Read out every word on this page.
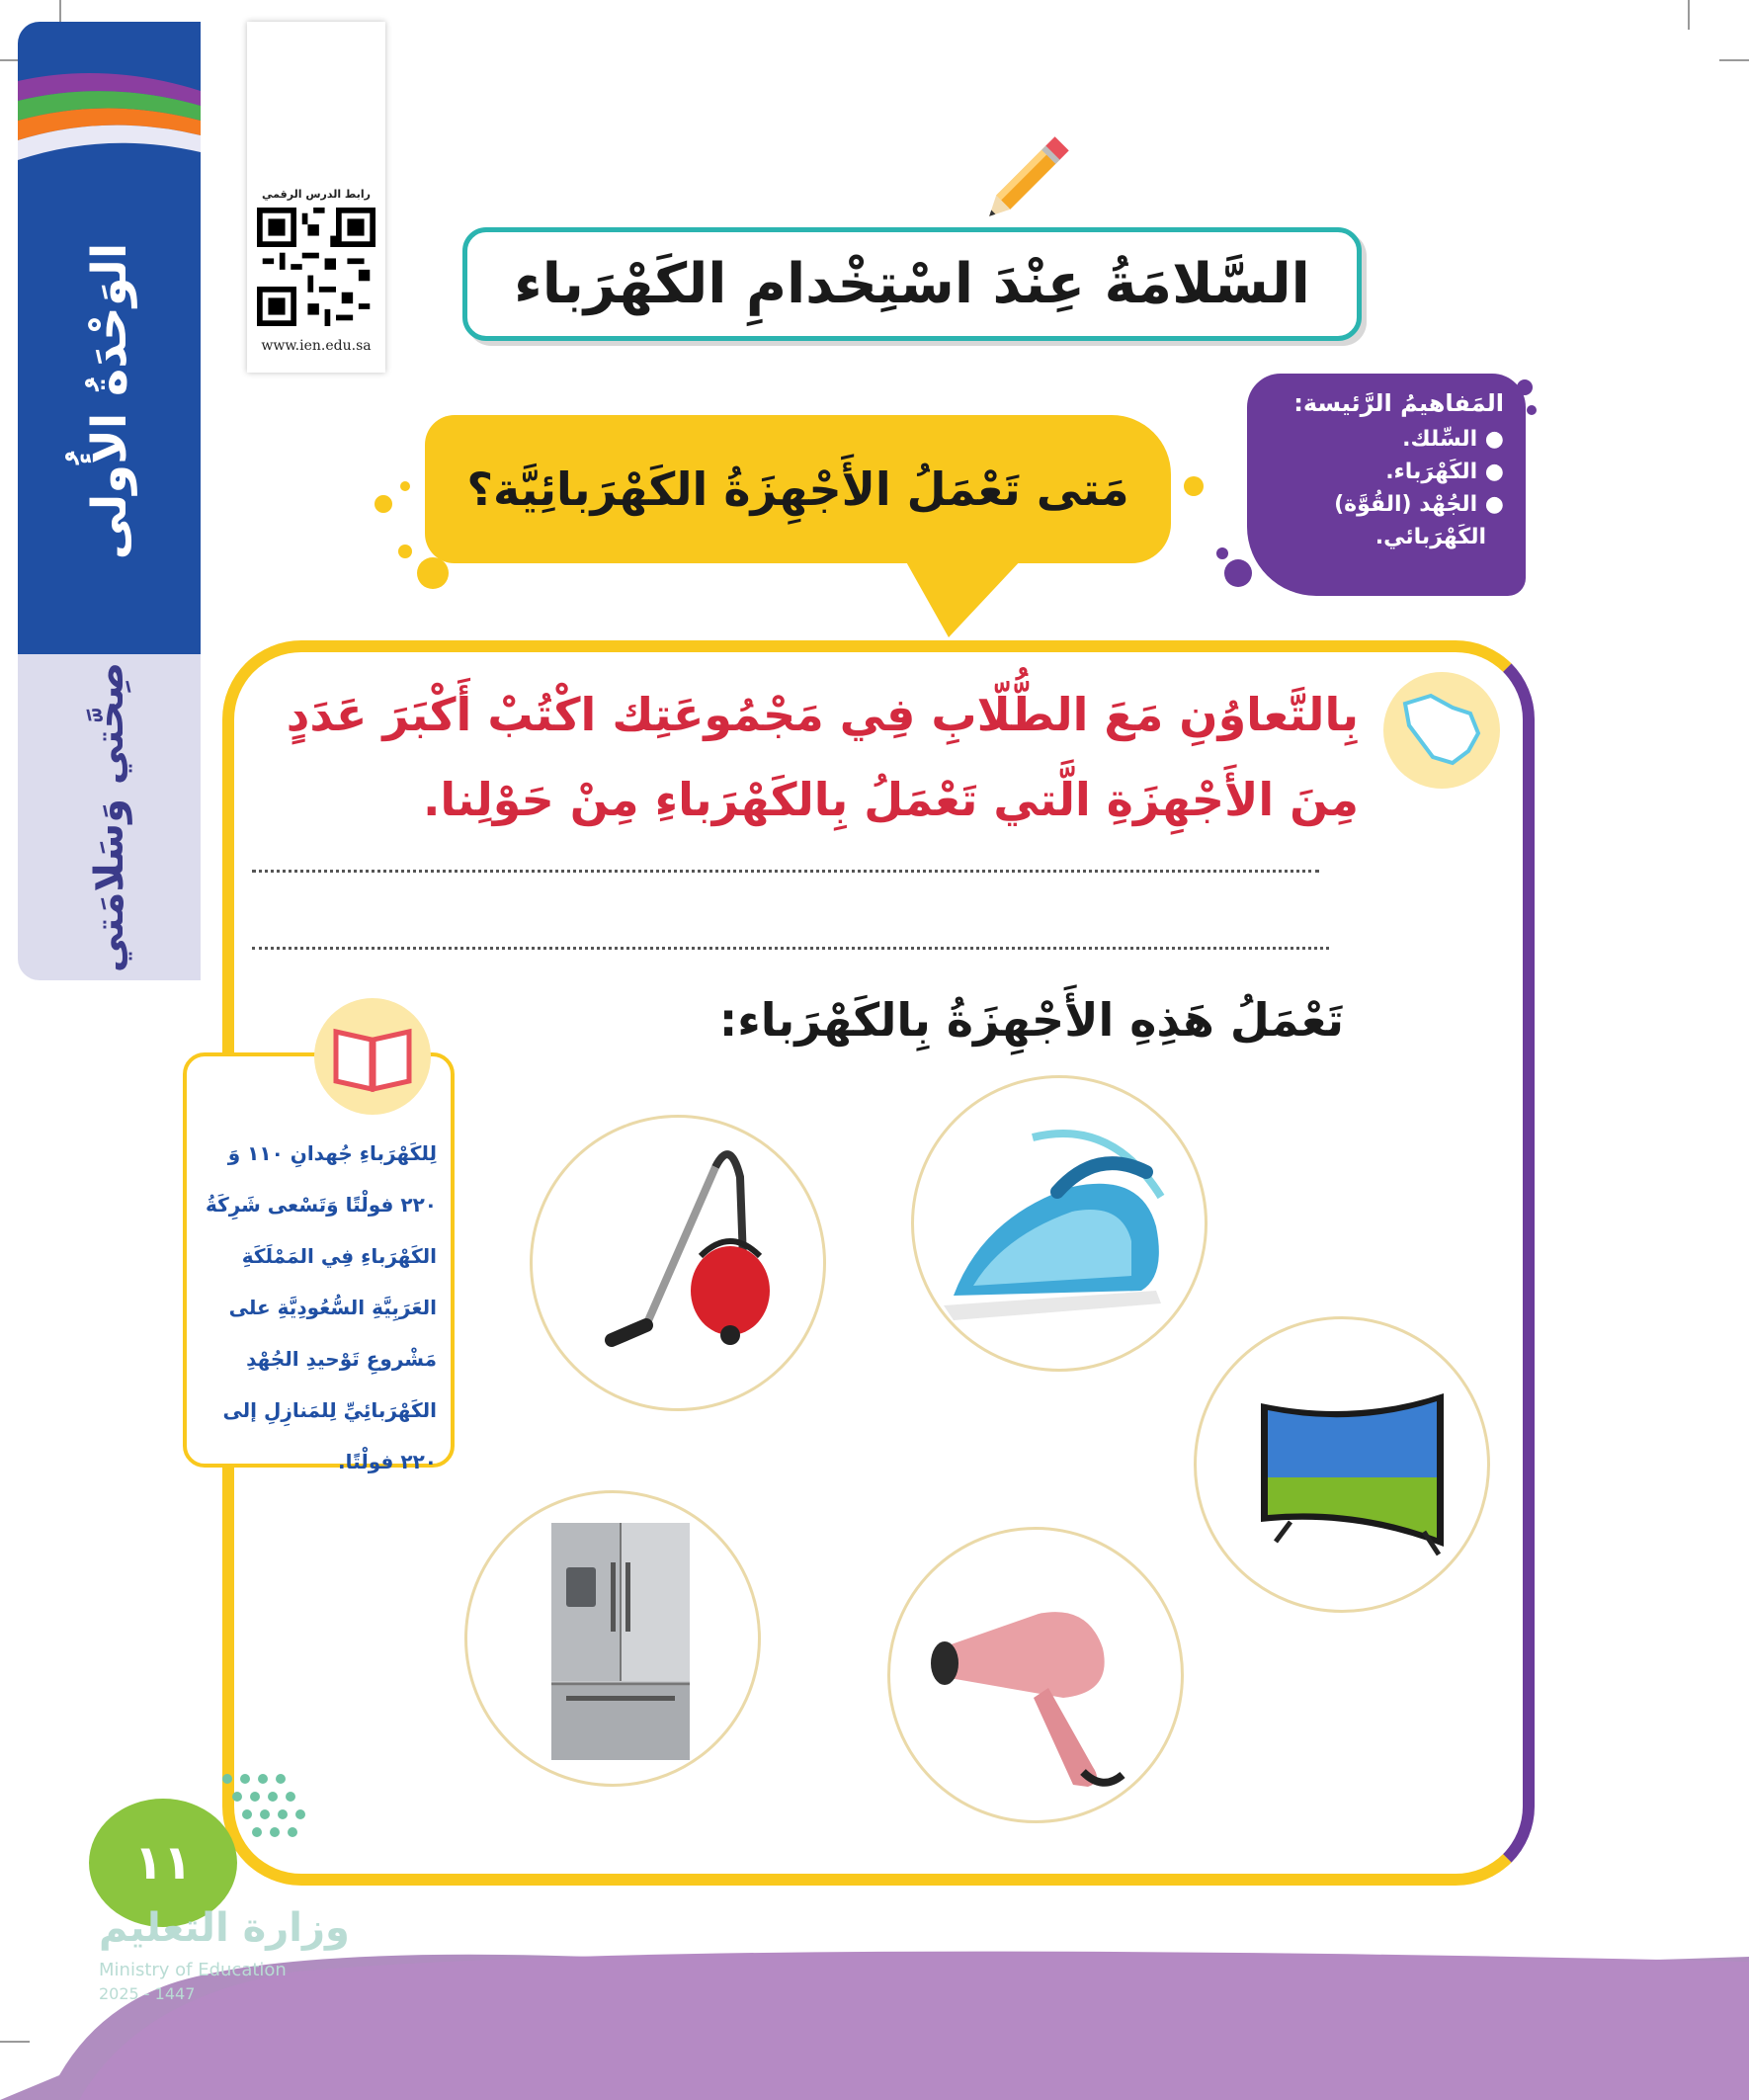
الوَحْدَةُ الأُولى
صِحَّتي وَسَلامَتي
رابط الدرس الرقمي
www.ien.edu.sa
السَّلامَةُ عِنْدَ اسْتِخْدامِ الكَهْرَباء
المَفاهيمُ الرَّئيسة:
● السِّلك.
● الكَهْرَباء.
● الجُهْد (القُوَّة)
الكَهْرَبائي.
مَتى تَعْمَلُ الأَجْهِزَةُ الكَهْرَبائِيَّة؟
بِالتَّعاوُنِ مَعَ الطُّلّابِ فِي مَجْمُوعَتِك اكْتُبْ أَكْبَرَ عَدَدٍ مِنَ الأَجْهِزَةِ الَّتي تَعْمَلُ بِالكَهْرَباءِ مِنْ حَوْلِنا.
تَعْمَلُ هَذِهِ الأَجْهِزَةُ بِالكَهْرَباء:

لِلكَهْرَباءِ جُهدانِ ١١٠ وَ ٢٢٠ فولْتًا وَتَسْعى شَرِكَةُ الكَهْرَباءِ فِي المَمْلَكَةِ العَرَبِيَّةِ السُّعُودِيَّةِ على مَشْروعِ تَوْحيدِ الجُهْدِ الكَهْرَبائِيِّ لِلمَنازِلِ إلى ٢٢٠ فولْتًا.

١١
وزارة التعليم
Ministry of Education
2025 - 1447
